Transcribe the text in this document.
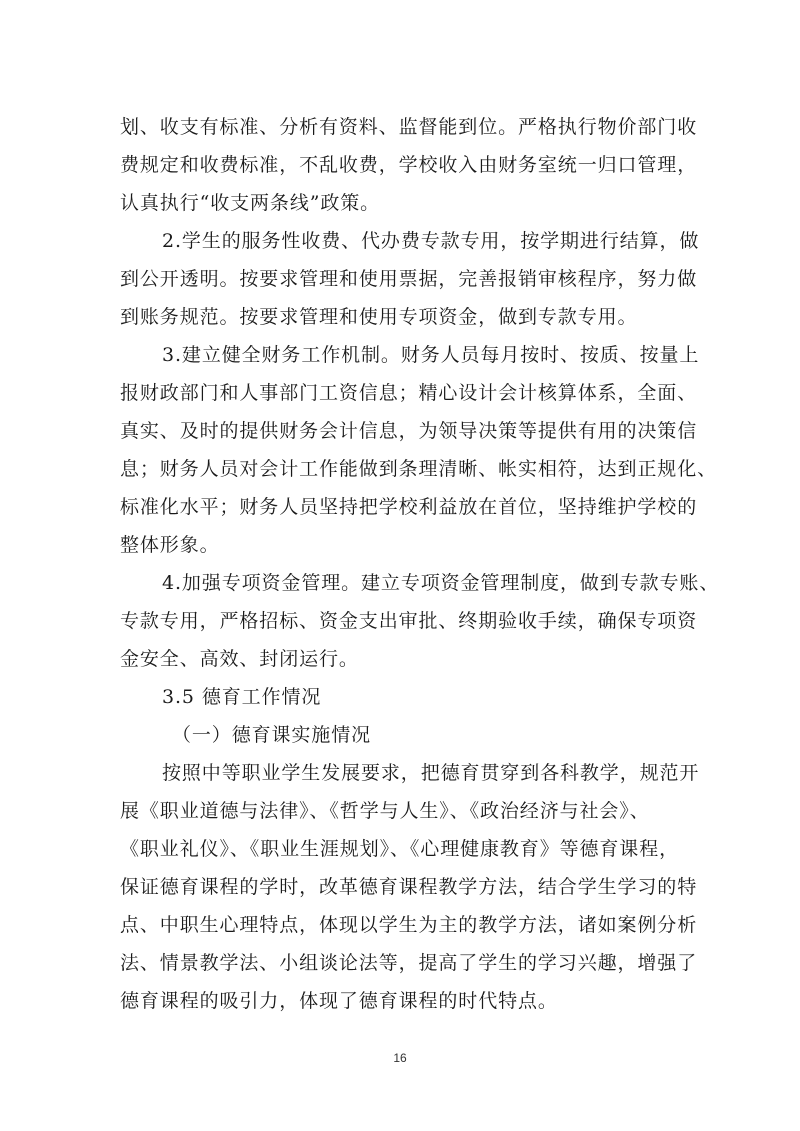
划、收支有标准、分析有资料、监督能到位。严格执行物价部门收
费规定和收费标准，不乱收费，学校收入由财务室统一归口管理，
认真执行“收支两条线”政策。
2.学生的服务性收费、代办费专款专用，按学期进行结算，做
到公开透明。按要求管理和使用票据，完善报销审核程序，努力做
到账务规范。按要求管理和使用专项资金，做到专款专用。
3.建立健全财务工作机制。财务人员每月按时、按质、按量上
报财政部门和人事部门工资信息；精心设计会计核算体系，全面、
真实、及时的提供财务会计信息，为领导决策等提供有用的决策信
息；财务人员对会计工作能做到条理清晰、帐实相符，达到正规化、
标准化水平；财务人员坚持把学校利益放在首位，坚持维护学校的
整体形象。
4.加强专项资金管理。建立专项资金管理制度，做到专款专账、
专款专用，严格招标、资金支出审批、终期验收手续，确保专项资
金安全、高效、封闭运行。
3.5 德育工作情况
（一）德育课实施情况
按照中等职业学生发展要求，把德育贯穿到各科教学，规范开
展《职业道德与法律》、《哲学与人生》、《政治经济与社会》、
《职业礼仪》、《职业生涯规划》、《心理健康教育》等德育课程，
保证德育课程的学时，改革德育课程教学方法，结合学生学习的特
点、中职生心理特点，体现以学生为主的教学方法，诸如案例分析
法、情景教学法、小组谈论法等，提高了学生的学习兴趣，增强了
德育课程的吸引力，体现了德育课程的时代特点。
16
